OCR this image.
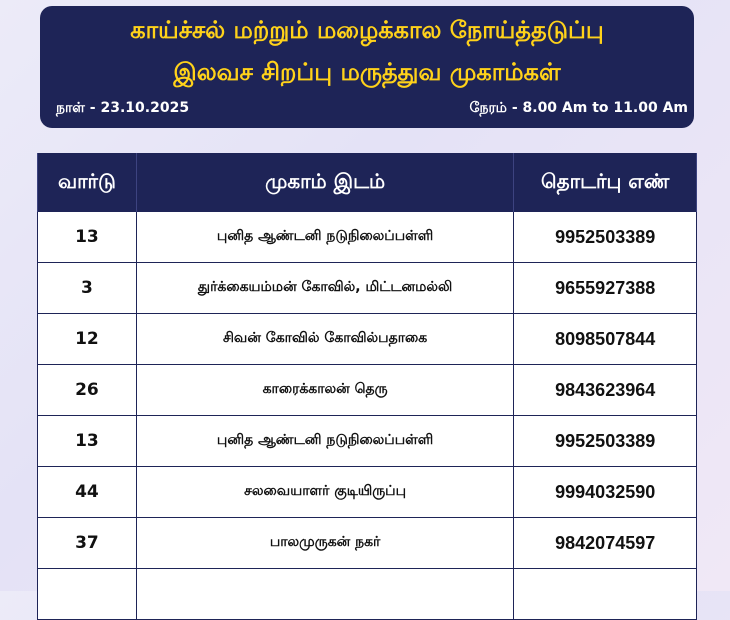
காய்ச்சல் மற்றும் மழைக்கால நோய்த்தடுப்பு
இலவச சிறப்பு மருத்துவ முகாம்கள்
நாள் - 23.10.2025	நேரம் - 8.00 Am to 11.00 Am
வார்டு	முகாம் இடம்	தொடர்பு எண்
13	புனித ஆண்டனி நடுநிலைப்பள்ளி	9952503389
3	துர்க்கையம்மன் கோவில், மிட்டனமல்லி	9655927388
12	சிவன் கோவில் கோவில்பதாகை	8098507844
26	காரைக்காலன் தெரு	9843623964
13	புனித ஆண்டனி நடுநிலைப்பள்ளி	9952503389
44	சலவையாளர் குடியிருப்பு	9994032590
37	பாலமுருகன் நகர்	9842074597
